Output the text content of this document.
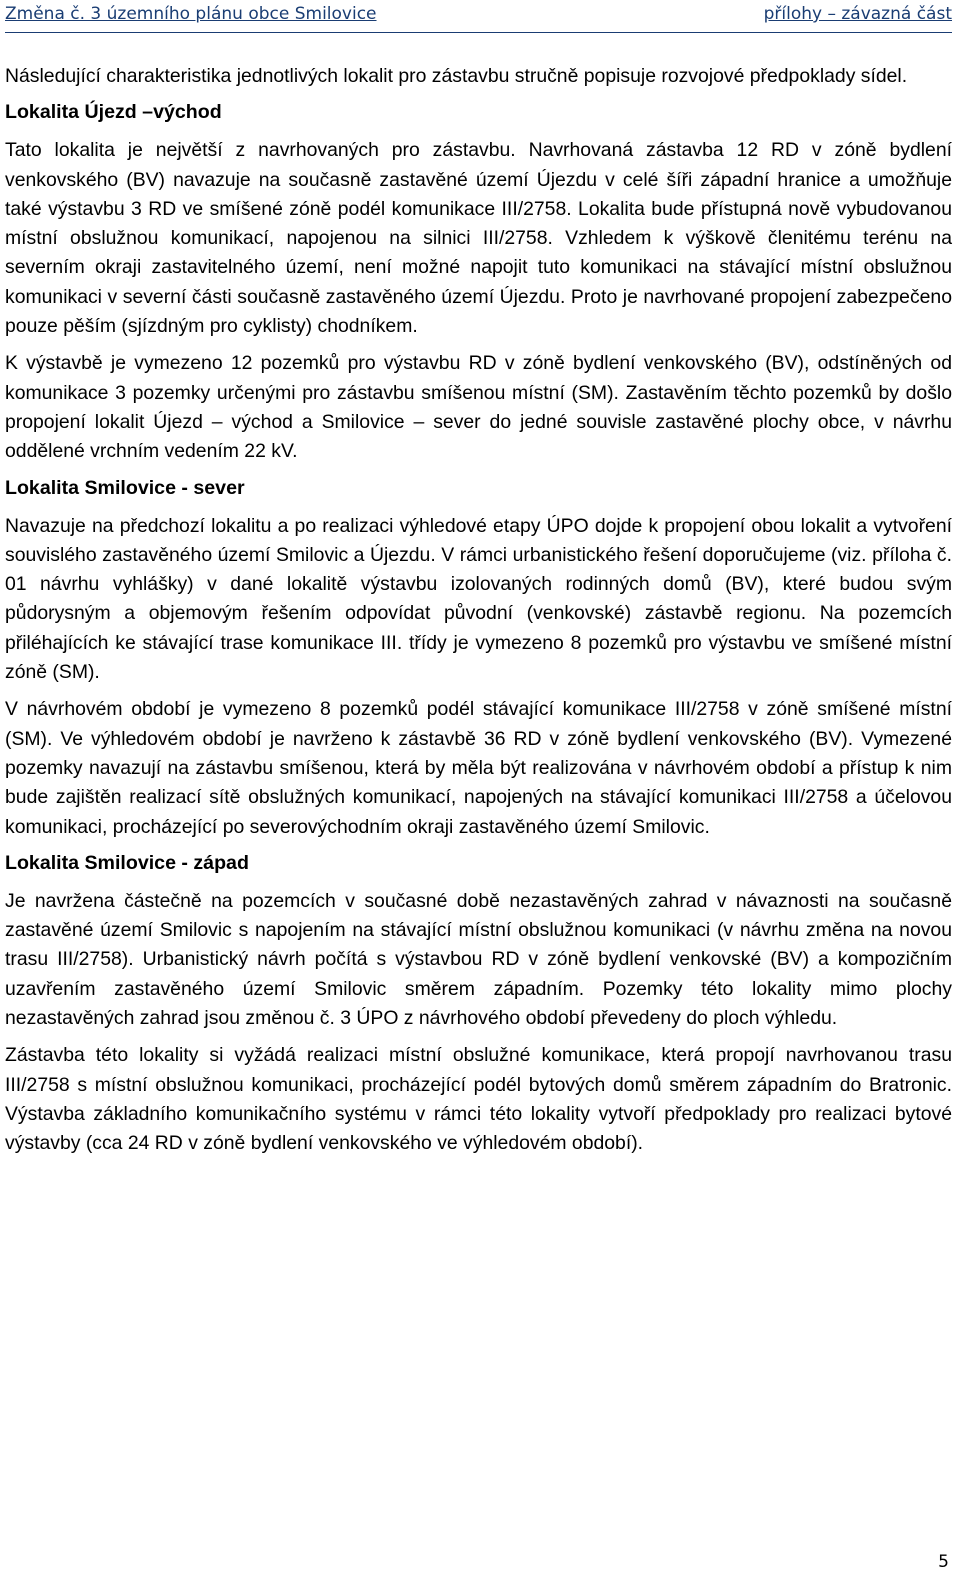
Změna č. 3 územního plánu obce Smilovice	přílohy – závazná část

Následující charakteristika jednotlivých lokalit pro zástavbu stručně popisuje rozvojové předpoklady sídel.

Lokalita Újezd –východ

Tato lokalita je největší z navrhovaných pro zástavbu. Navrhovaná zástavba 12 RD v zóně bydlení venkovského (BV) navazuje na současně zastavěné území Újezdu v celé šíři západní hranice a umožňuje také výstavbu 3 RD ve smíšené zóně podél komunikace III/2758. Lokalita bude přístupná nově vybudovanou místní obslužnou komunikací, napojenou na silnici III/2758. Vzhledem k výškově členitému terénu na severním okraji zastavitelného území, není možné napojit tuto komunikaci na stávající místní obslužnou komunikaci v severní části současně zastavěného území Újezdu. Proto je navrhované propojení zabezpečeno pouze pěším (sjízdným pro cyklisty) chodníkem.

K výstavbě je vymezeno 12 pozemků pro výstavbu RD v zóně bydlení venkovského (BV), odstíněných od komunikace 3 pozemky určenými pro zástavbu smíšenou místní (SM). Zastavěním těchto pozemků by došlo propojení lokalit Újezd – východ a Smilovice – sever do jedné souvisle zastavěné plochy obce, v návrhu oddělené vrchním vedením 22 kV.

Lokalita Smilovice - sever

Navazuje na předchozí lokalitu a po realizaci výhledové etapy ÚPO dojde k propojení obou lokalit a vytvoření souvislého zastavěného území Smilovic a Újezdu. V rámci urbanistického řešení doporučujeme (viz. příloha č. 01 návrhu vyhlášky) v dané lokalitě výstavbu izolovaných rodinných domů (BV), které budou svým půdorysným a objemovým řešením odpovídat původní (venkovské) zástavbě regionu. Na pozemcích přiléhajících ke stávající trase komunikace III. třídy je vymezeno 8 pozemků pro výstavbu ve smíšené místní zóně (SM).

V návrhovém období je vymezeno 8 pozemků podél stávající komunikace III/2758 v zóně smíšené místní (SM). Ve výhledovém období je navrženo k zástavbě 36 RD v zóně bydlení venkovského (BV). Vymezené pozemky navazují na zástavbu smíšenou, která by měla být realizována v návrhovém období a přístup k nim bude zajištěn realizací sítě obslužných komunikací, napojených na stávající komunikaci III/2758 a účelovou komunikaci, procházející po severovýchodním okraji zastavěného území Smilovic.

Lokalita Smilovice - západ

Je navržena částečně na pozemcích v současné době nezastavěných zahrad v návaznosti na současně zastavěné území Smilovic s napojením na stávající místní obslužnou komunikaci (v návrhu změna na novou trasu III/2758). Urbanistický návrh počítá s výstavbou RD v zóně bydlení venkovské (BV) a kompozičním uzavřením zastavěného území Smilovic směrem západním. Pozemky této lokality mimo plochy nezastavěných zahrad jsou změnou č. 3 ÚPO z návrhového období převedeny do ploch výhledu.

Zástavba této lokality si vyžádá realizaci místní obslužné komunikace, která propojí navrhovanou trasu III/2758 s místní obslužnou komunikaci, procházející podél bytových domů směrem západním do Bratronic. Výstavba základního komunikačního systému v rámci této lokality vytvoří předpoklady pro realizaci bytové výstavby (cca 24 RD v zóně bydlení venkovského ve výhledovém období).

5
